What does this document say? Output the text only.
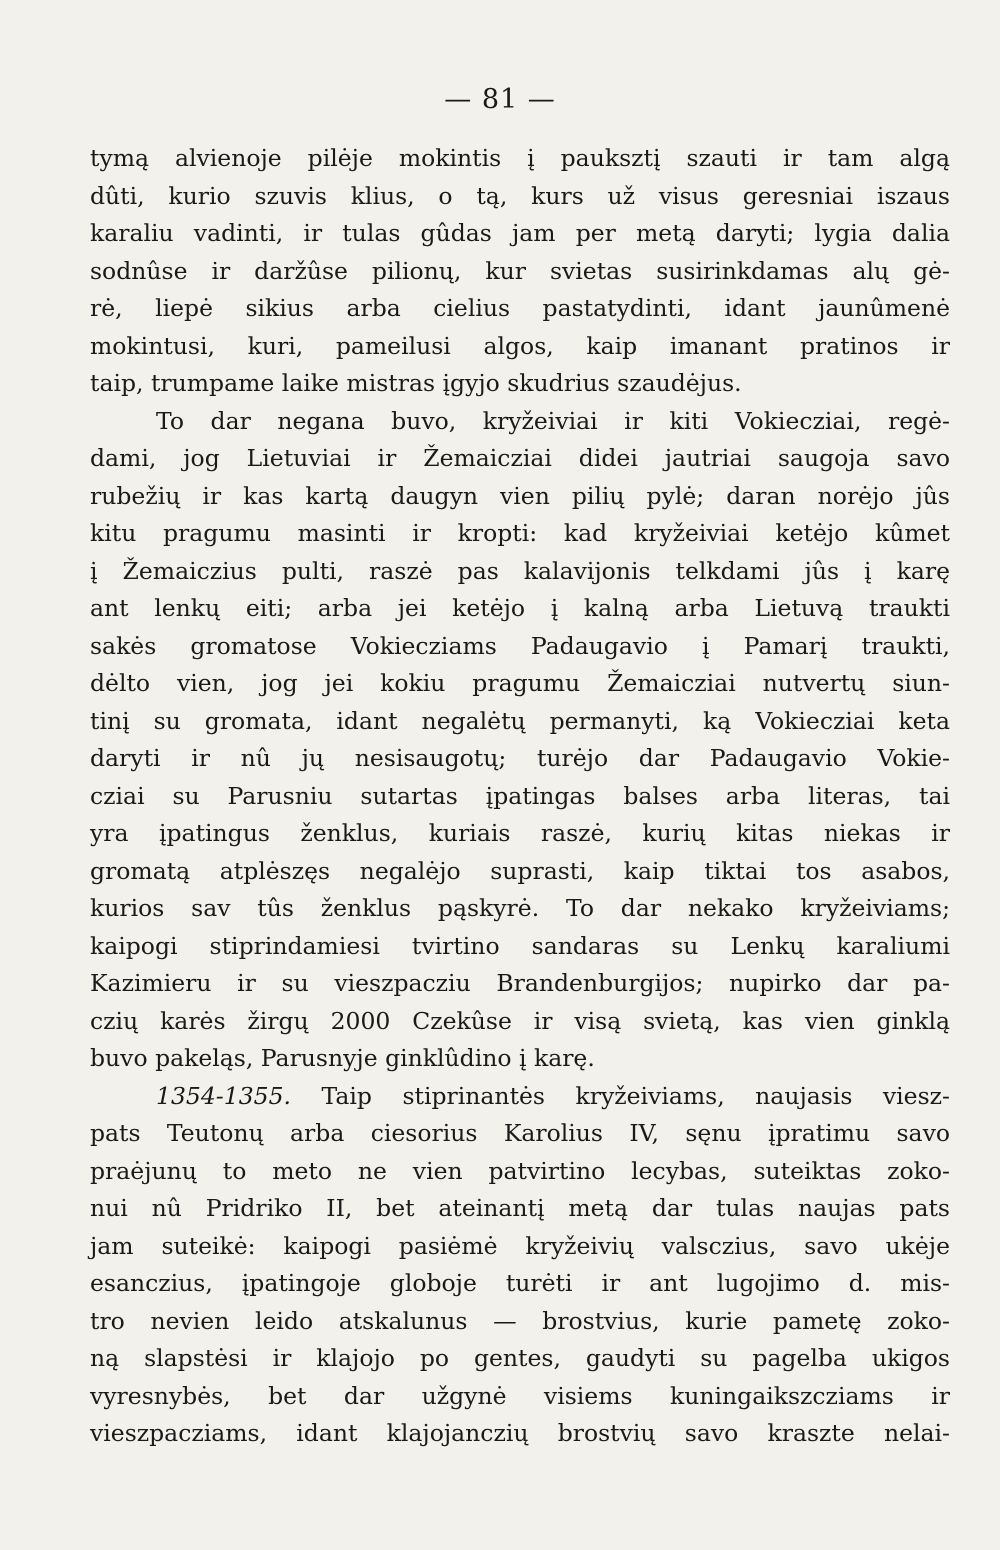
— 81 —
tymą alvienoje pilėje mokintis į pauksztį szauti ir tam algą
dûti, kurio szuvis klius, o tą, kurs už visus geresniai iszaus
karaliu vadinti, ir tulas gûdas jam per metą daryti; lygia dalia
sodnûse ir daržûse pilionų, kur svietas susirinkdamas alų gė-
rė, liepė sikius arba cielius pastatydinti, idant jaunûmenė
mokintusi, kuri, pameilusi algos, kaip imanant pratinos ir
taip, trumpame laike mistras įgyjo skudrius szaudėjus.
To dar negana buvo, kryžeiviai ir kiti Vokiecziai, regė-
dami, jog Lietuviai ir Žemaicziai didei jautriai saugoja savo
rubežių ir kas kartą daugyn vien pilių pylė; daran norėjo jûs
kitu pragumu masinti ir kropti: kad kryžeiviai ketėjo kûmet
į Žemaiczius pulti, raszė pas kalavijonis telkdami jûs į karę
ant lenkų eiti; arba jei ketėjo į kalną arba Lietuvą traukti
sakės gromatose Vokiecziams Padaugavio į Pamarį traukti,
dėlto vien, jog jei kokiu pragumu Žemaicziai nutvertų siun-
tinį su gromata, idant negalėtų permanyti, ką Vokiecziai keta
daryti ir nû jų nesisaugotų; turėjo dar Padaugavio Vokie-
cziai su Parusniu sutartas įpatingas balses arba literas, tai
yra įpatingus ženklus, kuriais raszė, kurių kitas niekas ir
gromatą atplėszęs negalėjo suprasti, kaip tiktai tos asabos,
kurios sav tûs ženklus pąskyrė. To dar nekako kryžeiviams;
kaipogi stiprindamiesi tvirtino sandaras su Lenkų karaliumi
Kazimieru ir su vieszpacziu Brandenburgijos; nupirko dar pa-
czių karės žirgų 2000 Czekûse ir visą svietą, kas vien ginklą
buvo pakeląs, Parusnyje ginklûdino į karę.
1354-1355. Taip stiprinantės kryžeiviams, naujasis viesz-
pats Teutonų arba ciesorius Karolius IV, sęnu įpratimu savo
praėjunų to meto ne vien patvirtino lecybas, suteiktas zoko-
nui nû Pridriko II, bet ateinantį metą dar tulas naujas pats
jam suteikė: kaipogi pasiėmė kryžeivių valsczius, savo ukėje
esanczius, įpatingoje globoje turėti ir ant lugojimo d. mis-
tro nevien leido atskalunus — brostvius, kurie pametę zoko-
ną slapstėsi ir klajojo po gentes, gaudyti su pagelba ukigos
vyresnybės, bet dar užgynė visiems kuningaikszcziams ir
vieszpacziams, idant klajojanczių brostvių savo kraszte nelai-
